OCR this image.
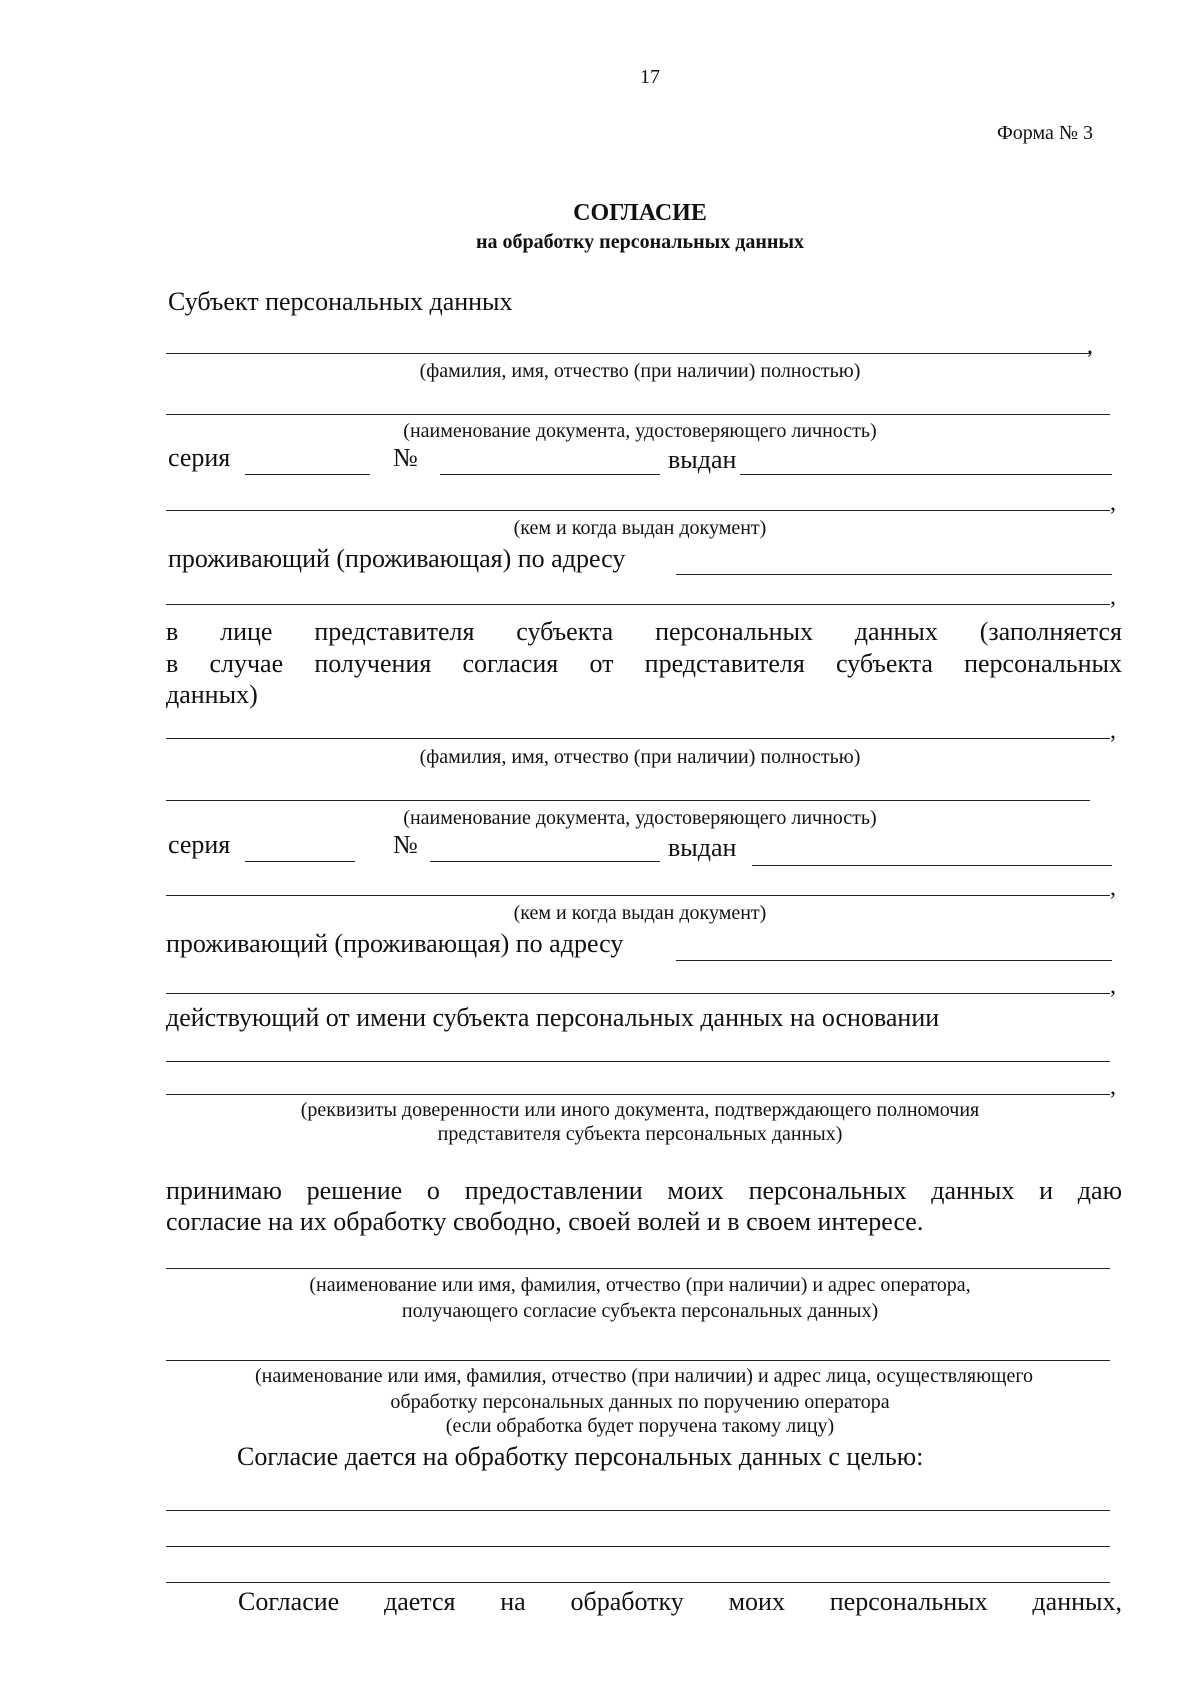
17
Форма № 3
СОГЛАСИЕ
на обработку персональных данных
Субъект персональных данных
,
(фамилия, имя, отчество (при наличии) полностью)
(наименование документа, удостоверяющего личность)
серия	№	выдан
,
(кем и когда выдан документ)
проживающий (проживающая) по адресу
,
в лице представителя субъекта персональных данных (заполняется
в случае получения согласия от представителя субъекта персональных
данных)
,
(фамилия, имя, отчество (при наличии) полностью)
(наименование документа, удостоверяющего личность)
серия	№	выдан
,
(кем и когда выдан документ)
проживающий (проживающая) по адресу
,
действующий от имени субъекта персональных данных на основании
,
(реквизиты доверенности или иного документа, подтверждающего полномочия
представителя субъекта персональных данных)
принимаю решение о предоставлении моих персональных данных и даю
согласие на их обработку свободно, своей волей и в своем интересе.
(наименование или имя, фамилия, отчество (при наличии) и адрес оператора,
получающего согласие субъекта персональных данных)
(наименование или имя, фамилия, отчество (при наличии) и адрес лица, осуществляющего
обработку персональных данных по поручению оператора
(если обработка будет поручена такому лицу)
Согласие дается на обработку персональных данных с целью:
Согласие дается на обработку моих персональных данных,
